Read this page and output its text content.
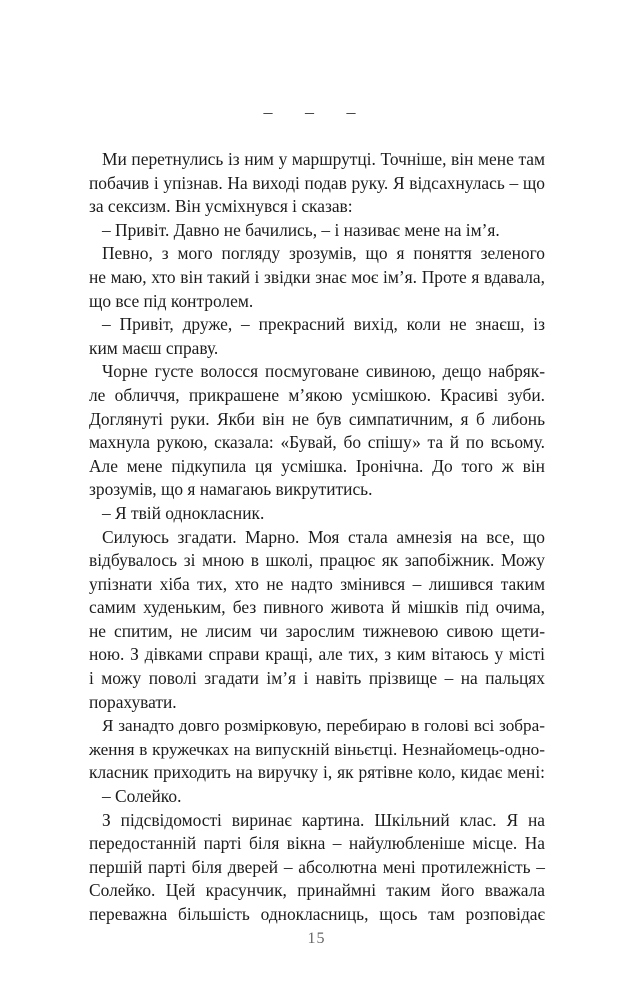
– – –
Ми перетнулись із ним у маршрутці. Точніше, він мене там
побачив і упізнав. На виході подав руку. Я відсахнулась – що
за сексизм. Він усміхнувся і сказав:
– Привіт. Давно не бачились, – і називає мене на ім’я.
Певно, з мого погляду зрозумів, що я поняття зеленого
не маю, хто він такий і звідки знає моє ім’я. Проте я вдавала,
що все під контролем.
– Привіт, друже, – прекрасний вихід, коли не знаєш, із
ким маєш справу.
Чорне густе волосся посмуговане сивиною, дещо набряк-
ле обличчя, прикрашене м’якою усмішкою. Красиві зуби.
Доглянуті руки. Якби він не був симпатичним, я б либонь
махнула рукою, сказала: «Бувай, бо спішу» та й по всьому.
Але мене підкупила ця усмішка. Іронічна. До того ж він
зрозумів, що я намагаюь викрутитись.
– Я твій однокласник.
Силуюсь згадати. Марно. Моя стала амнезія на все, що
відбувалось зі мною в школі, працює як запобіжник. Можу
упізнати хіба тих, хто не надто змінився – лишився таким
самим худеньким, без пивного живота й мішків під очима,
не спитим, не лисим чи зарослим тижневою сивою щети-
ною. З дівками справи кращі, але тих, з ким вітаюсь у місті
і можу поволі згадати ім’я і навіть прізвище – на пальцях
порахувати.
Я занадто довго розмірковую, перебираю в голові всі зобра-
ження в кружечках на випускній віньєтці. Незнайомець-одно-
класник приходить на виручку і, як рятівне коло, кидає мені:
– Солейко.
З підсвідомості виринає картина. Шкільний клас. Я на
передостанній парті біля вікна – найулюбленіше місце. На
першій парті біля дверей – абсолютна мені протилежність –
Солейко. Цей красунчик, принаймні таким його вважала
переважна більшість однокласниць, щось там розповідає
15
